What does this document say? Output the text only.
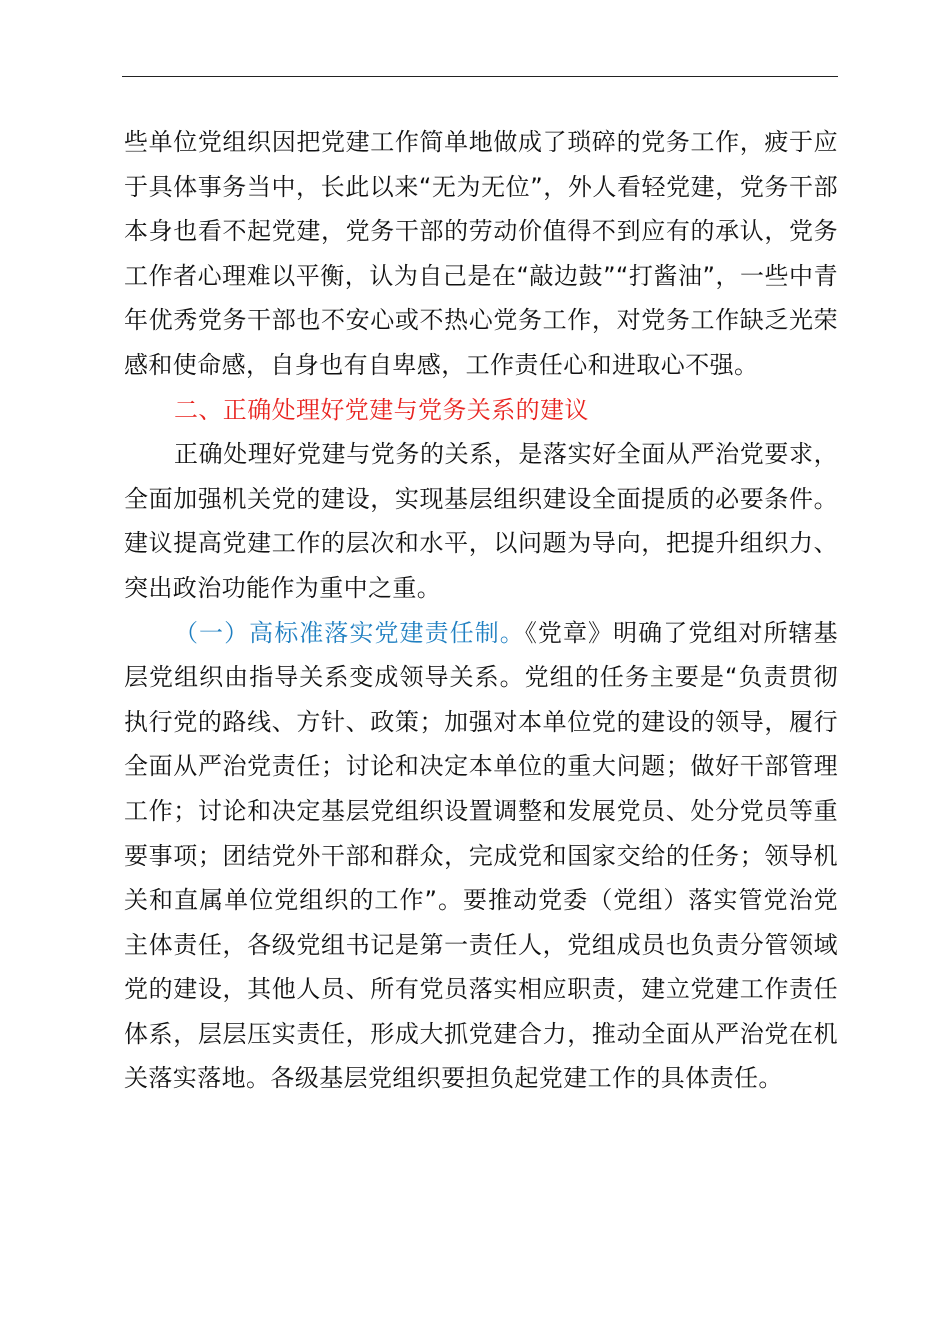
些单位党组织因把党建工作简单地做成了琐碎的党务工作，疲于应于具体事务当中，长此以来“无为无位”，外人看轻党建，党务干部本身也看不起党建，党务干部的劳动价值得不到应有的承认，党务工作者心理难以平衡，认为自己是在“敲边鼓”“打酱油”，一些中青年优秀党务干部也不安心或不热心党务工作，对党务工作缺乏光荣感和使命感，自身也有自卑感，工作责任心和进取心不强。

二、正确处理好党建与党务关系的建议

正确处理好党建与党务的关系，是落实好全面从严治党要求，全面加强机关党的建设，实现基层组织建设全面提质的必要条件。建议提高党建工作的层次和水平，以问题为导向，把提升组织力、突出政治功能作为重中之重。

（一）高标准落实党建责任制。《党章》明确了党组对所辖基层党组织由指导关系变成领导关系。党组的任务主要是“负责贯彻执行党的路线、方针、政策；加强对本单位党的建设的领导，履行全面从严治党责任；讨论和决定本单位的重大问题；做好干部管理工作；讨论和决定基层党组织设置调整和发展党员、处分党员等重要事项；团结党外干部和群众，完成党和国家交给的任务；领导机关和直属单位党组织的工作”。要推动党委（党组）落实管党治党主体责任，各级党组书记是第一责任人，党组成员也负责分管领域党的建设，其他人员、所有党员落实相应职责，建立党建工作责任体系，层层压实责任，形成大抓党建合力，推动全面从严治党在机关落实落地。各级基层党组织要担负起党建工作的具体责任。
